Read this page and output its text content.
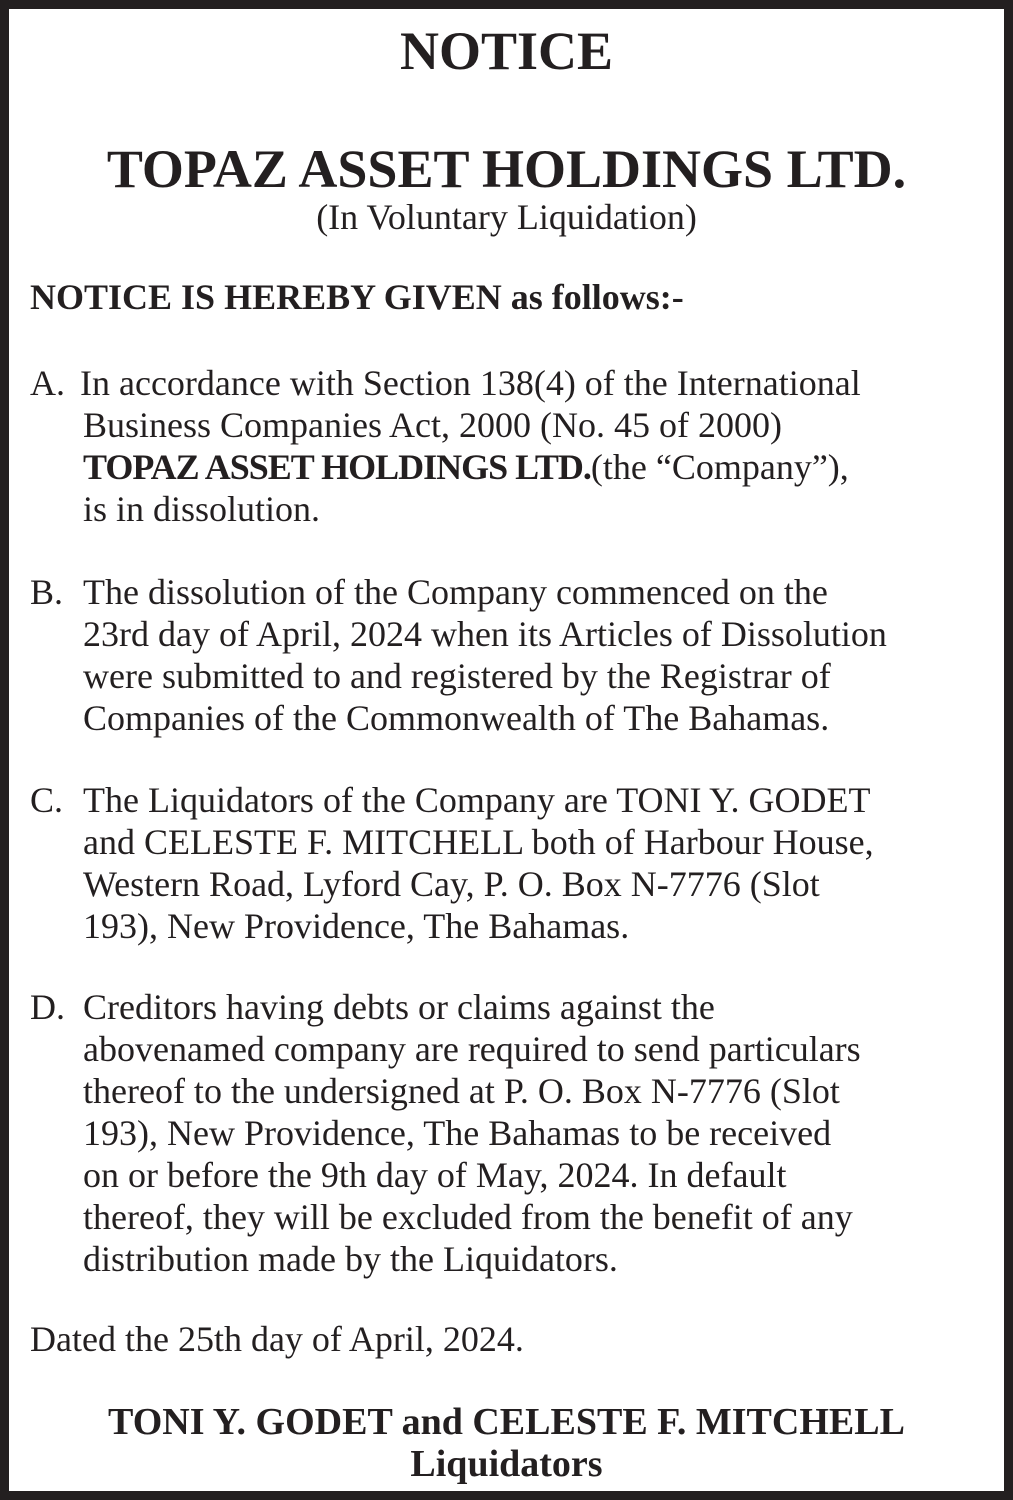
NOTICE
TOPAZ ASSET HOLDINGS LTD.
(In Voluntary Liquidation)
NOTICE IS HEREBY GIVEN as follows:-
A. In accordance with Section 138(4) of the International
Business Companies Act, 2000 (No. 45 of 2000)
TOPAZ ASSET HOLDINGS LTD.(the “Company”),
is in dissolution.
B. The dissolution of the Company commenced on the
23rd day of April, 2024 when its Articles of Dissolution
were submitted to and registered by the Registrar of
Companies of the Commonwealth of The Bahamas.
C. The Liquidators of the Company are TONI Y. GODET
and CELESTE F. MITCHELL both of Harbour House,
Western Road, Lyford Cay, P. O. Box N-7776 (Slot
193), New Providence, The Bahamas.
D. Creditors having debts or claims against the
abovenamed company are required to send particulars
thereof to the undersigned at P. O. Box N-7776 (Slot
193), New Providence, The Bahamas to be received
on or before the 9th day of May, 2024. In default
thereof, they will be excluded from the benefit of any
distribution made by the Liquidators.
Dated the 25th day of April, 2024.
TONI Y. GODET and CELESTE F. MITCHELL
Liquidators
